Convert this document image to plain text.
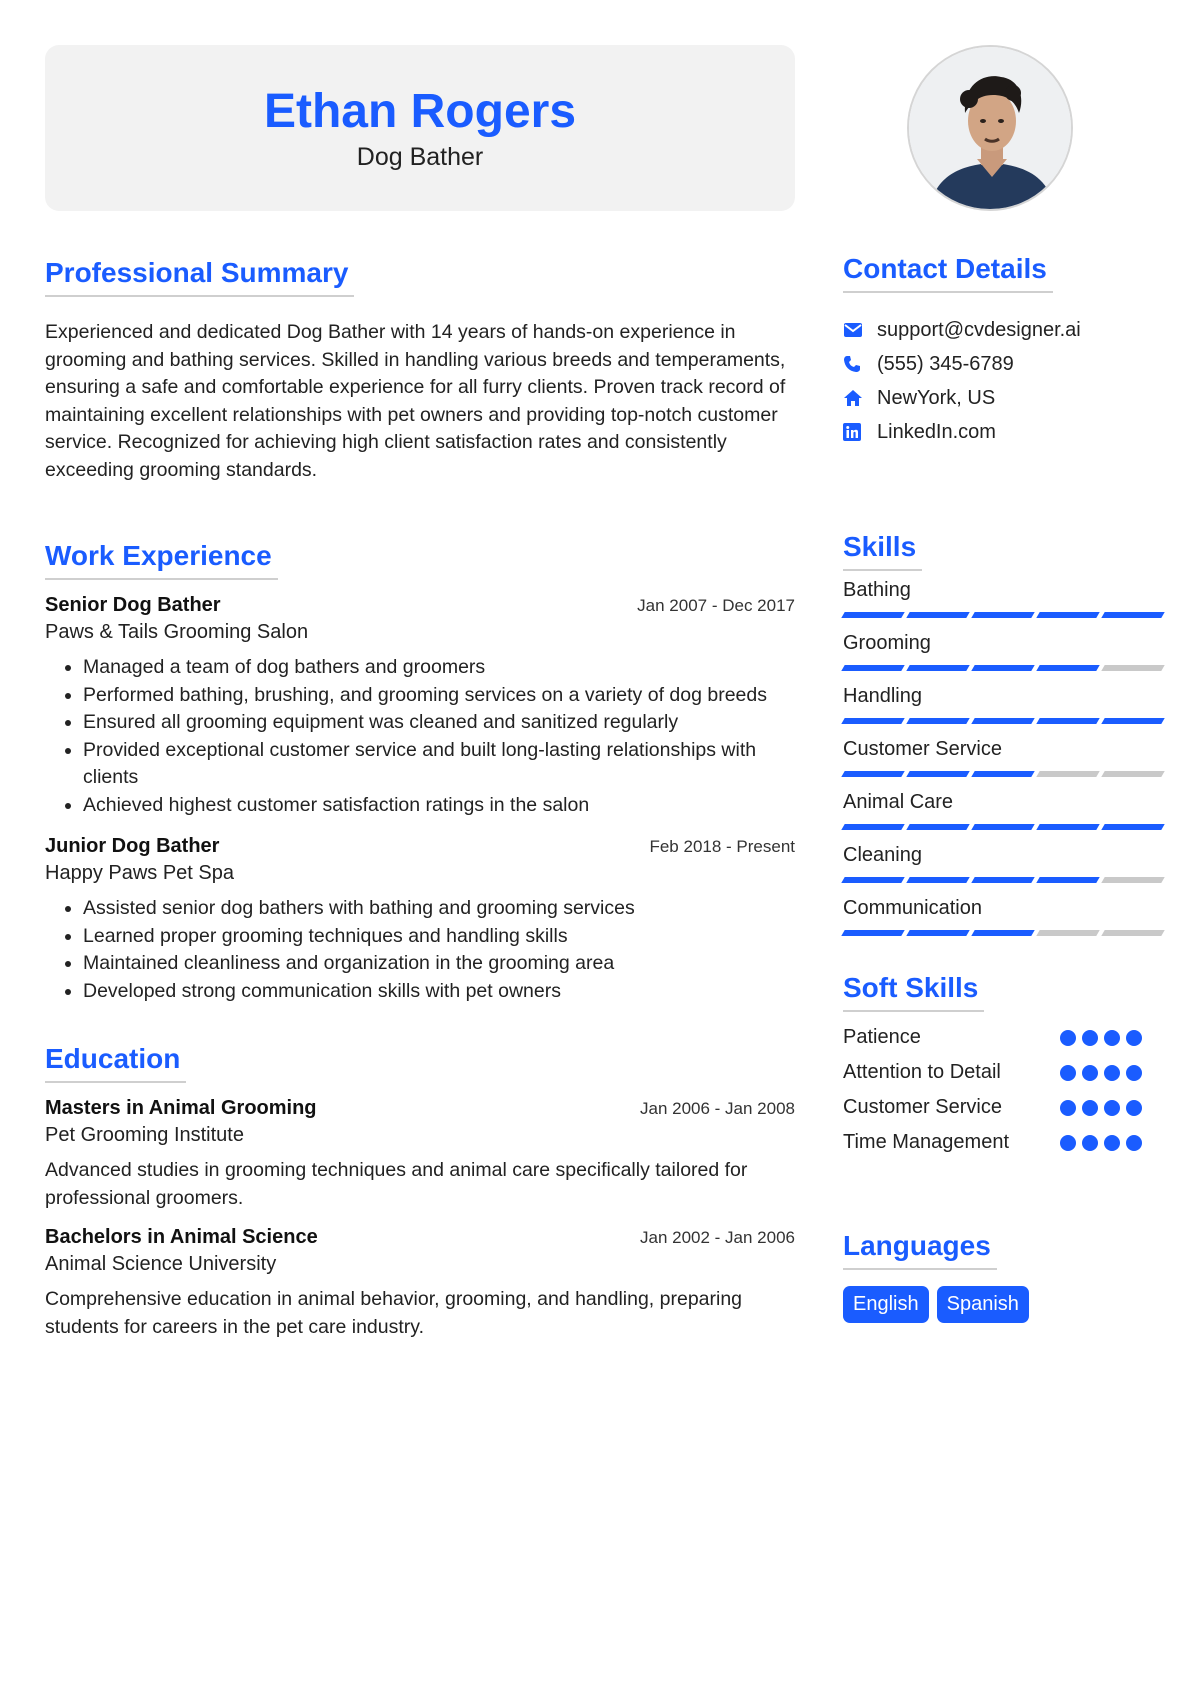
Ethan Rogers
Dog Bather
Professional Summary

Experienced and dedicated Dog Bather with 14 years of hands-on experience in grooming and bathing services. Skilled in handling various breeds and temperaments, ensuring a safe and comfortable experience for all furry clients. Proven track record of maintaining excellent relationships with pet owners and providing top-notch customer service. Recognized for achieving high client satisfaction rates and consistently exceeding grooming standards.

Work Experience
Senior Dog Bather	Jan 2007 - Dec 2017
Paws & Tails Grooming Salon
• Managed a team of dog bathers and groomers
• Performed bathing, brushing, and grooming services on a variety of dog breeds
• Ensured all grooming equipment was cleaned and sanitized regularly
• Provided exceptional customer service and built long-lasting relationships with clients
• Achieved highest customer satisfaction ratings in the salon
Junior Dog Bather	Feb 2018 - Present
Happy Paws Pet Spa
• Assisted senior dog bathers with bathing and grooming services
• Learned proper grooming techniques and handling skills
• Maintained cleanliness and organization in the grooming area
• Developed strong communication skills with pet owners
Education
Masters in Animal Grooming	Jan 2006 - Jan 2008
Pet Grooming Institute

Advanced studies in grooming techniques and animal care specifically tailored for professional groomers.

Bachelors in Animal Science	Jan 2002 - Jan 2006
Animal Science University

Comprehensive education in animal behavior, grooming, and handling, preparing students for careers in the pet care industry.

Contact Details
support@cvdesigner.ai
(555) 345-6789
NewYork, US
LinkedIn.com
Skills
Bathing
Grooming
Handling
Customer Service
Animal Care
Cleaning
Communication
Soft Skills
Patience
Attention to Detail
Customer Service
Time Management
Languages
English	Spanish
